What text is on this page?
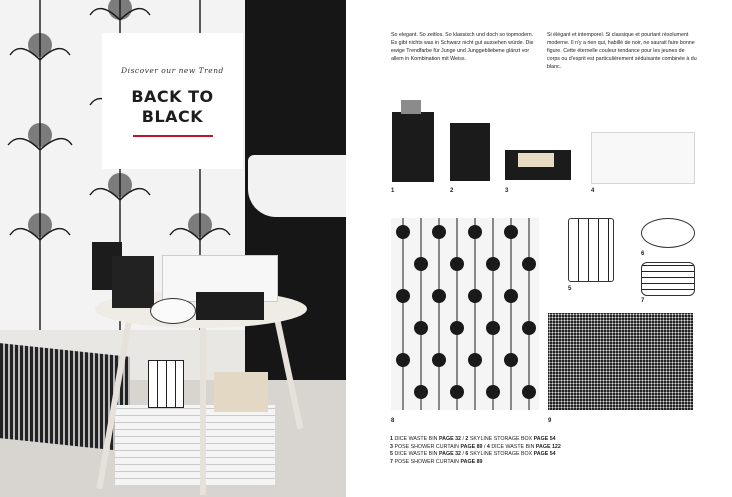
Discover our new Trend
BACK TO
BLACK
So elegant. So zeitlos. So klassisch und doch so topmodern. Es gibt nichts was in Schwarz nicht gut aussehen würde. Die ewige Trendfarbe für Junge und Junggebliebene glänzt vor allem in Kombination mit Weiss.
Si élégant et intemporel. Si classique et pourtant résolument moderne. Il n'y a rien qui, habillé de noir, ne saurait faire bonne figure. Cette éternelle couleur tendance pour les jeunes de corps ou d'esprit est particulièrement séduisante combinée à du blanc.
1	2	3	4
5
6
7
8	9
1 DICE WASTE BIN PAGE 32 / 2 SKYLINE STORAGE BOX PAGE 54
3 POSE SHOWER CURTAIN PAGE 89 / 4 DICE WASTE BIN PAGE 122
5 DICE WASTE BIN PAGE 32 / 6 SKYLINE STORAGE BOX PAGE 54
7 POSE SHOWER CURTAIN PAGE 89
